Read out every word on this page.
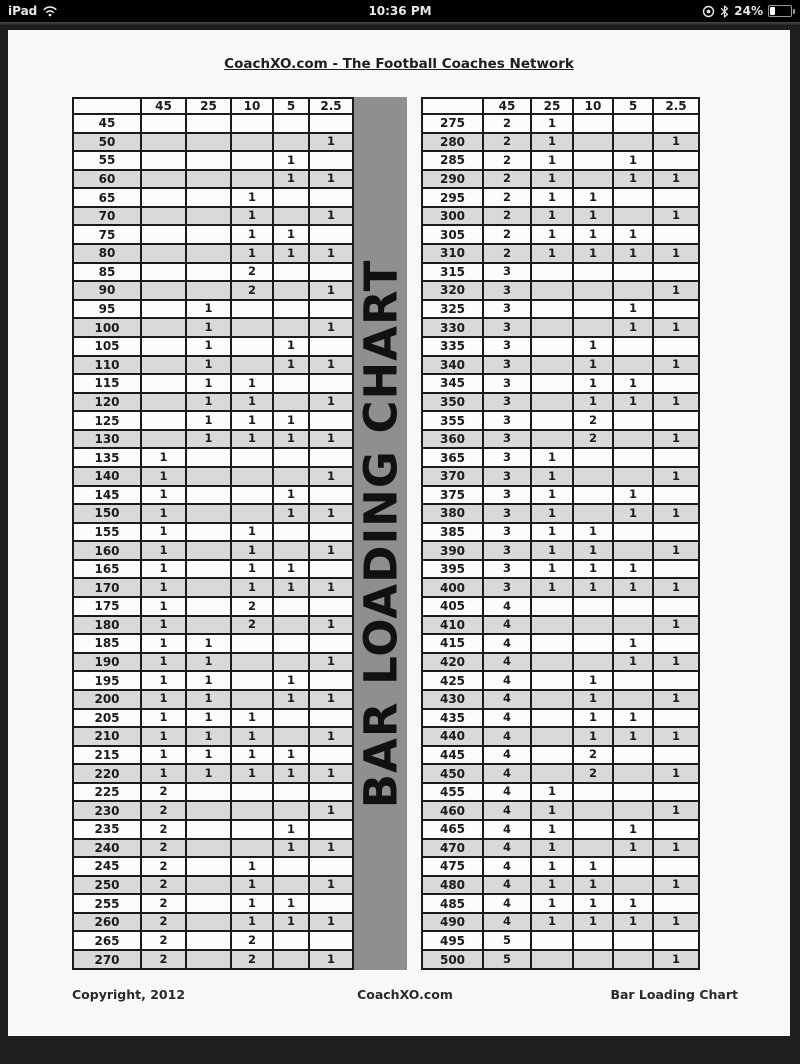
iPad	10:36 PM	24%
CoachXO.com - The Football Coaches Network
	45	25	10	5	2.5
45					
50					1
55				1	
60				1	1
65			1		
70			1		1
75			1	1	
80			1	1	1
85			2		
90			2		1
95		1			
100		1			1
105		1		1	
110		1		1	1
115		1	1		
120		1	1		1
125		1	1	1	
130		1	1	1	1
135	1				
140	1				1
145	1			1	
150	1			1	1
155	1		1		
160	1		1		1
165	1		1	1	
170	1		1	1	1
175	1		2		
180	1		2		1
185	1	1			
190	1	1			1
195	1	1		1	
200	1	1		1	1
205	1	1	1		
210	1	1	1		1
215	1	1	1	1	
220	1	1	1	1	1
225	2				
230	2				1
235	2			1	
240	2			1	1
245	2		1		
250	2		1		1
255	2		1	1	
260	2		1	1	1
265	2		2		
270	2		2		1
BAR LOADING CHART
	45	25	10	5	2.5
275	2	1			
280	2	1			1
285	2	1		1	
290	2	1		1	1
295	2	1	1		
300	2	1	1		1
305	2	1	1	1	
310	2	1	1	1	1
315	3				
320	3				1
325	3			1	
330	3			1	1
335	3		1		
340	3		1		1
345	3		1	1	
350	3		1	1	1
355	3		2		
360	3		2		1
365	3	1			
370	3	1			1
375	3	1		1	
380	3	1		1	1
385	3	1	1		
390	3	1	1		1
395	3	1	1	1	
400	3	1	1	1	1
405	4				
410	4				1
415	4			1	
420	4			1	1
425	4		1		
430	4		1		1
435	4		1	1	
440	4		1	1	1
445	4		2		
450	4		2		1
455	4	1			
460	4	1			1
465	4	1		1	
470	4	1		1	1
475	4	1	1		
480	4	1	1		1
485	4	1	1	1	
490	4	1	1	1	1
495	5				
500	5				1
Copyright, 2012	CoachXO.com	Bar Loading Chart
